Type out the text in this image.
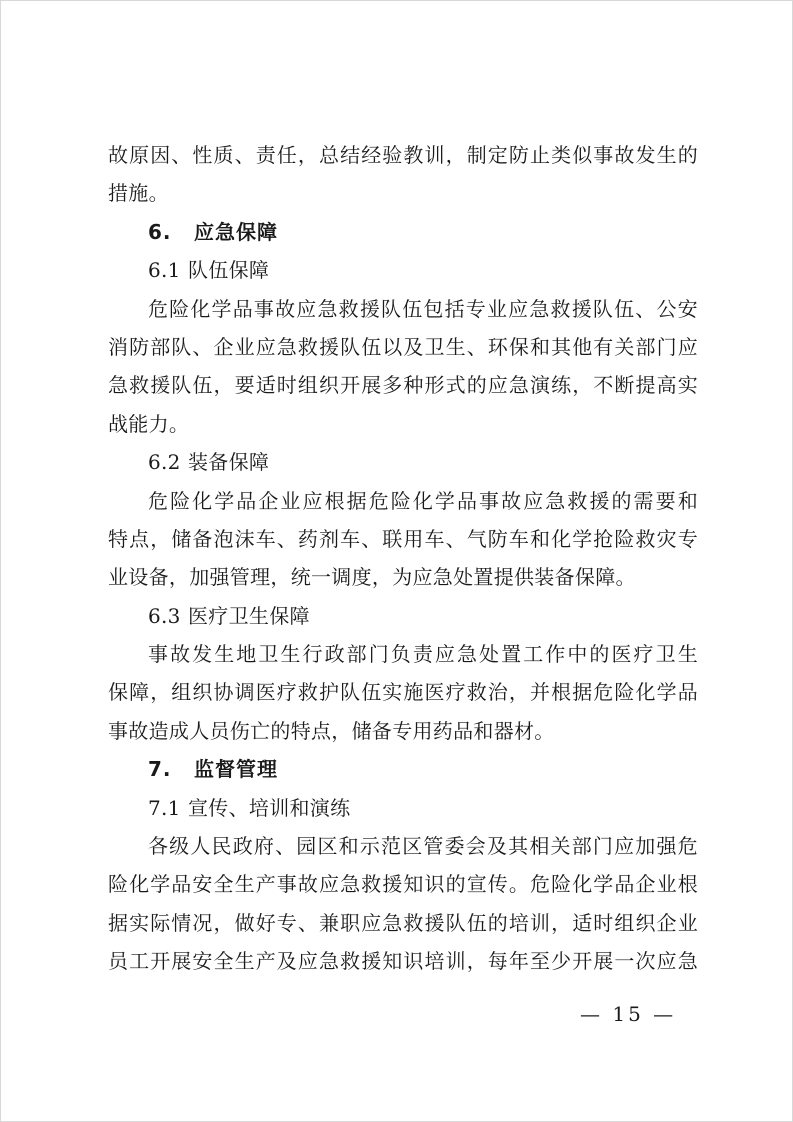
故原因、性质、责任，总结经验教训，制定防止类似事故发生的
措施。
6. 应急保障
6.1 队伍保障
危险化学品事故应急救援队伍包括专业应急救援队伍、公安
消防部队、企业应急救援队伍以及卫生、环保和其他有关部门应
急救援队伍，要适时组织开展多种形式的应急演练，不断提高实
战能力。
6.2 装备保障
危险化学品企业应根据危险化学品事故应急救援的需要和
特点，储备泡沫车、药剂车、联用车、气防车和化学抢险救灾专
业设备，加强管理，统一调度，为应急处置提供装备保障。
6.3 医疗卫生保障
事故发生地卫生行政部门负责应急处置工作中的医疗卫生
保障，组织协调医疗救护队伍实施医疗救治，并根据危险化学品
事故造成人员伤亡的特点，储备专用药品和器材。
7. 监督管理
7.1 宣传、培训和演练
各级人民政府、园区和示范区管委会及其相关部门应加强危
险化学品安全生产事故应急救援知识的宣传。危险化学品企业根
据实际情况，做好专、兼职应急救援队伍的培训，适时组织企业
员工开展安全生产及应急救援知识培训，每年至少开展一次应急
— 15 —
